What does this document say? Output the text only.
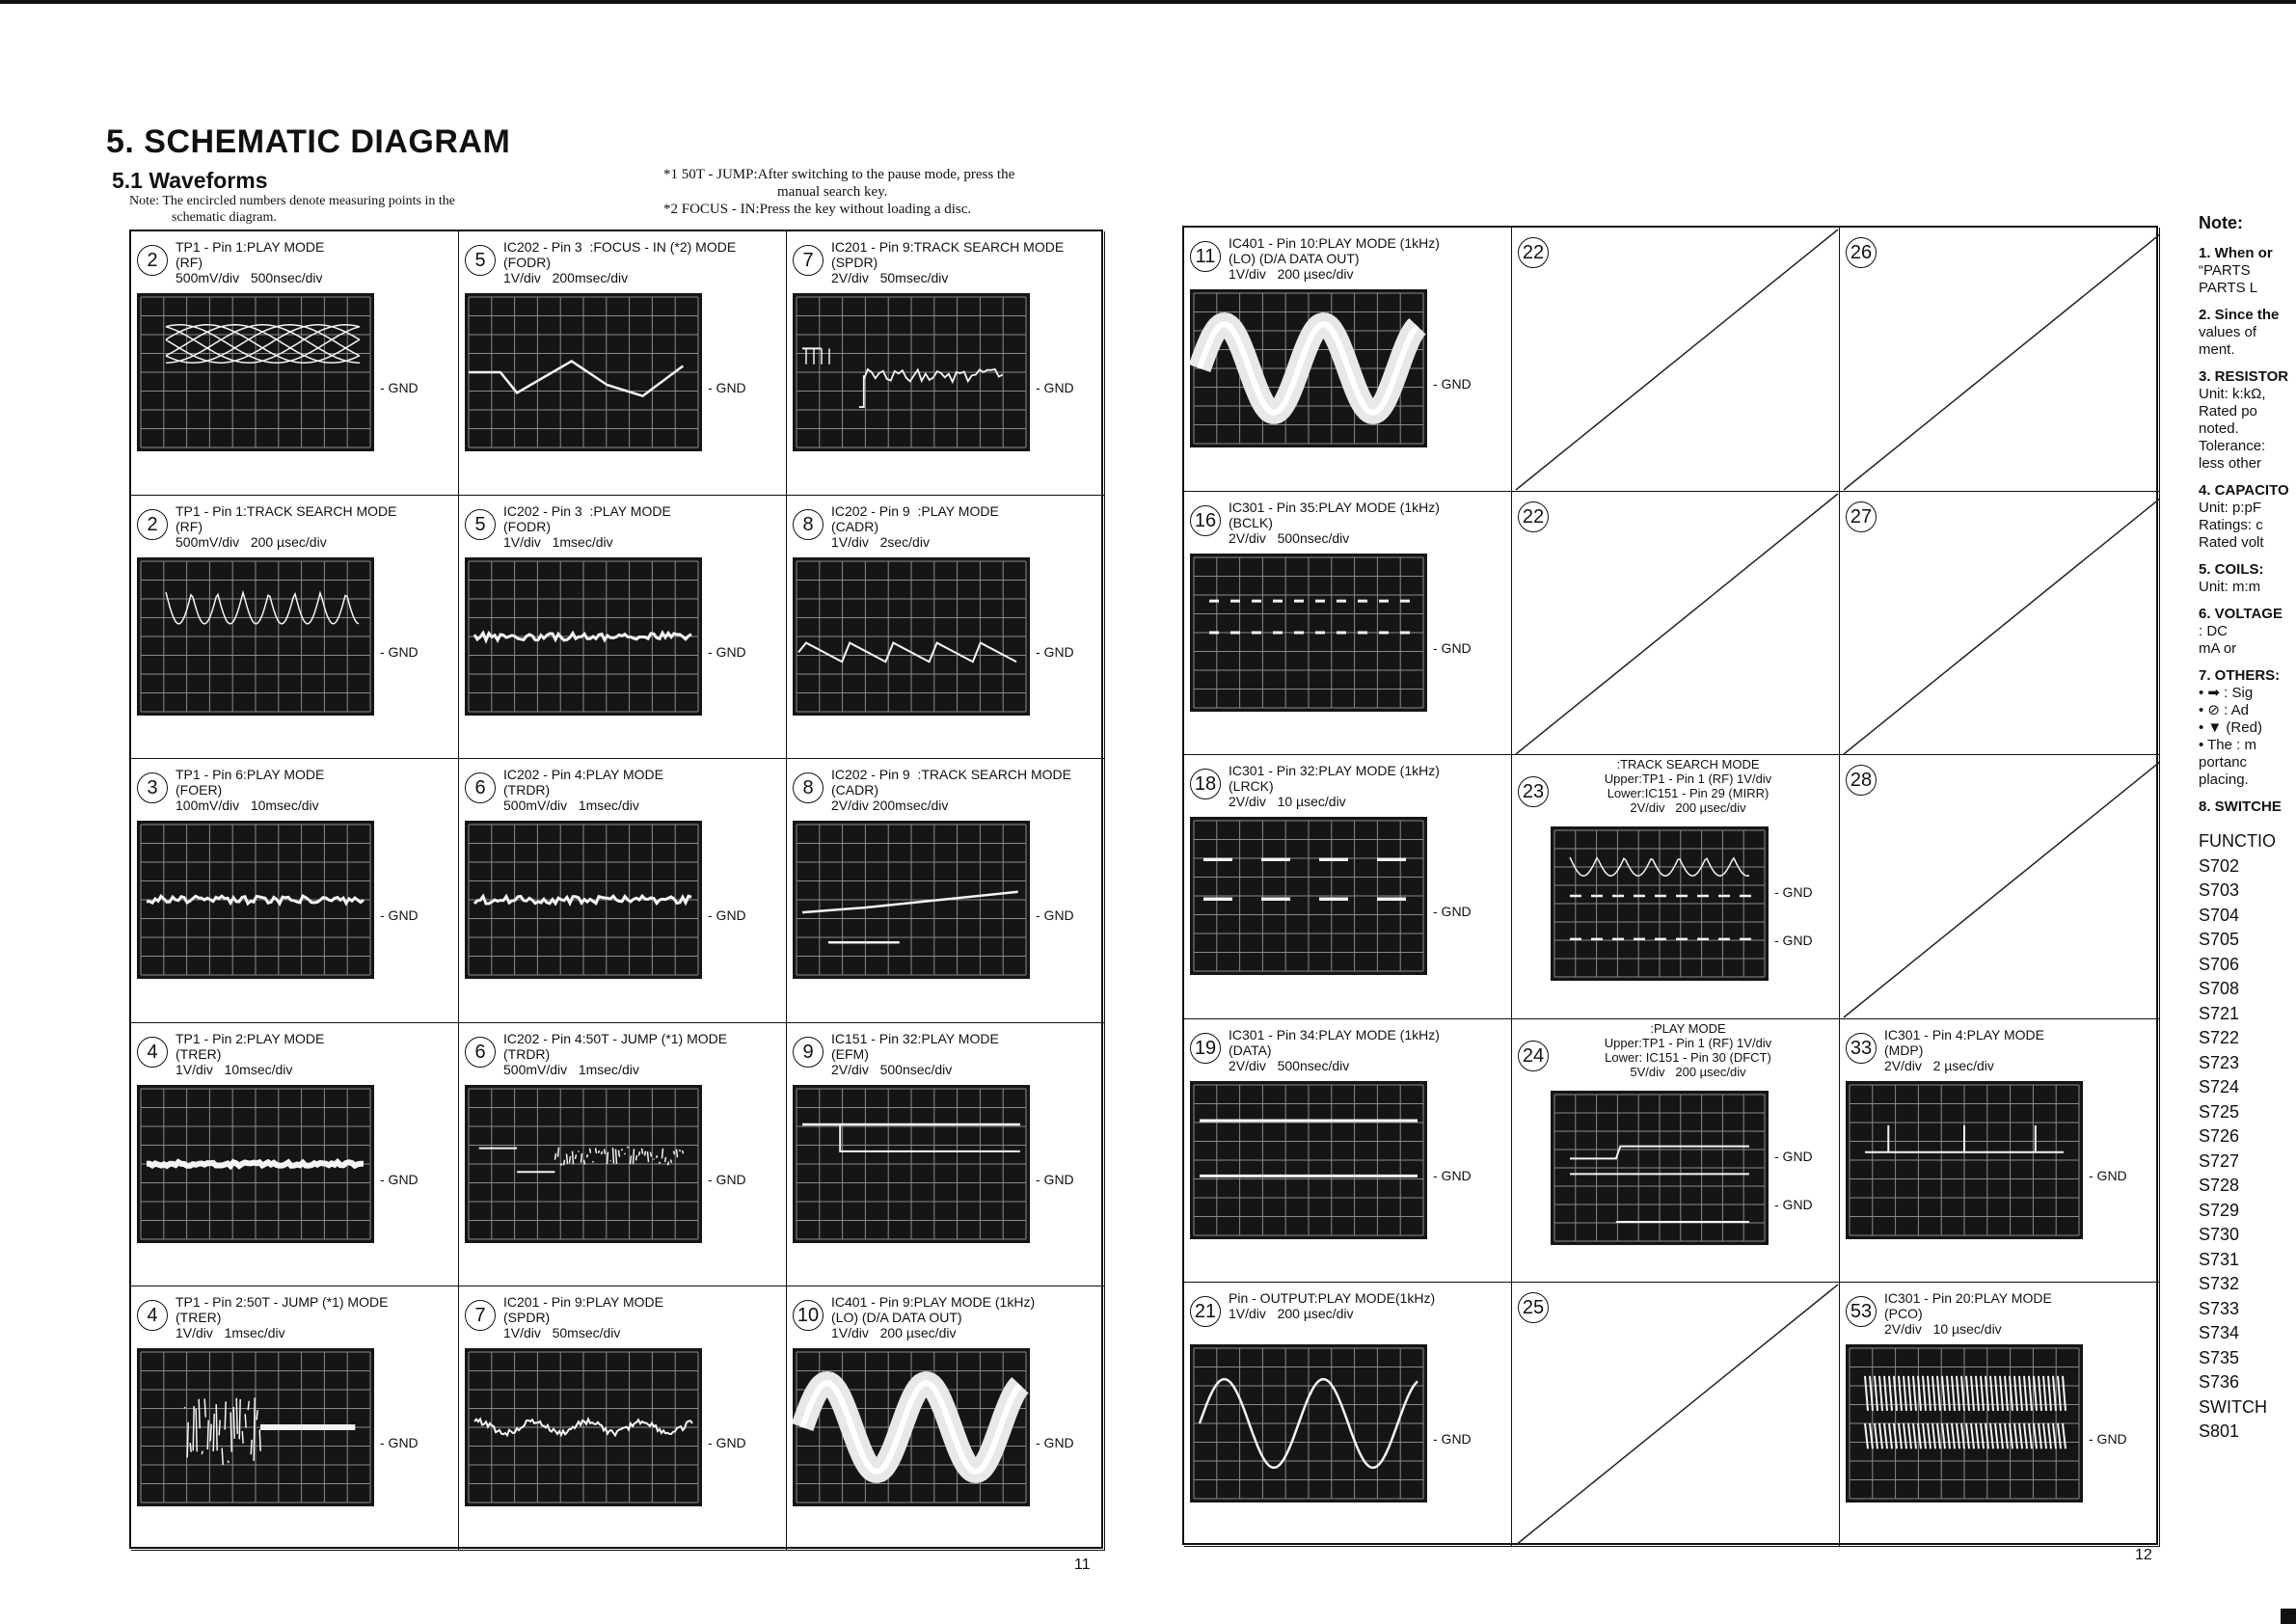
5. SCHEMATIC DIAGRAM
5.1 Waveforms
Note: The encircled numbers denote measuring points in the
schematic diagram.
*1 50T - JUMP:After switching to the pause mode, press the
manual search key.
*2 FOCUS - IN:Press the key without loading a disc.
2
TP1 - Pin 1:PLAY MODE
(RF)
500mV/div   500nsec/div
- GND
5
IC202 - Pin 3  :FOCUS - IN (*2) MODE
(FODR)
1V/div   200msec/div
- GND
7
IC201 - Pin 9:TRACK SEARCH MODE
(SPDR)
2V/div   50msec/div
- GND
2
TP1 - Pin 1:TRACK SEARCH MODE
(RF)
500mV/div   200 µsec/div
- GND
5
IC202 - Pin 3  :PLAY MODE
(FODR)
1V/div   1msec/div
- GND
8
IC202 - Pin 9  :PLAY MODE
(CADR)
1V/div   2sec/div
- GND
3
TP1 - Pin 6:PLAY MODE
(FOER)
100mV/div   10msec/div
- GND
6
IC202 - Pin 4:PLAY MODE
(TRDR)
500mV/div   1msec/div
- GND
8
IC202 - Pin 9  :TRACK SEARCH MODE
(CADR)
2V/div 200msec/div
- GND
4
TP1 - Pin 2:PLAY MODE
(TRER)
1V/div   10msec/div
- GND
6
IC202 - Pin 4:50T - JUMP (*1) MODE
(TRDR)
500mV/div   1msec/div
- GND
9
IC151 - Pin 32:PLAY MODE
(EFM)
2V/div   500nsec/div
- GND
4
TP1 - Pin 2:50T - JUMP (*1) MODE
(TRER)
1V/div   1msec/div
- GND
7
IC201 - Pin 9:PLAY MODE
(SPDR)
1V/div   50msec/div
- GND
10
IC401 - Pin 9:PLAY MODE (1kHz)
(LO) (D/A DATA OUT)
1V/div   200 µsec/div
- GND
11
IC401 - Pin 10:PLAY MODE (1kHz)
(LO) (D/A DATA OUT)
1V/div   200 µsec/div
- GND
22	26
16
IC301 - Pin 35:PLAY MODE (1kHz)
(BCLK)
2V/div   500nsec/div
- GND
22	27
18
IC301 - Pin 32:PLAY MODE (1kHz)
(LRCK)
2V/div   10 µsec/div
- GND
23
:TRACK SEARCH MODE
Upper:TP1 - Pin 1 (RF) 1V/div
Lower:IC151 - Pin 29 (MIRR)
2V/div   200 µsec/div
- GND
- GND
28
19
IC301 - Pin 34:PLAY MODE (1kHz)
(DATA)
2V/div   500nsec/div
- GND
24
:PLAY MODE
Upper:TP1 - Pin 1 (RF) 1V/div
Lower: IC151 - Pin 30 (DFCT)
5V/div   200 µsec/div
- GND
- GND
33
IC301 - Pin 4:PLAY MODE
(MDP)
2V/div   2 µsec/div
- GND
21
Pin - OUTPUT:PLAY MODE(1kHz)
1V/div   200 µsec/div
- GND
25	53
IC301 - Pin 20:PLAY MODE
(PCO)
2V/div   10 µsec/div
- GND
11
12
Note:
1. When or
“PARTS
PARTS L
2. Since the
values of
ment.
3. RESISTOR
Unit: k:kΩ,
Rated po
noted.
Tolerance:
less other
4. CAPACITO
Unit: p:pF
Ratings: c
Rated volt
5. COILS:
Unit: m:m
6. VOLTAGE
: DC
mA or
7. OTHERS:
• ➡ : Sig
• ⊘ : Ad
• ▼ (Red)
• The : m
portanc
placing.
8. SWITCHE
FUNCTIO
S702
S703
S704
S705
S706
S708
S721
S722
S723
S724
S725
S726
S727
S728
S729
S730
S731
S732
S733
S734
S735
S736
SWITCH
S801
